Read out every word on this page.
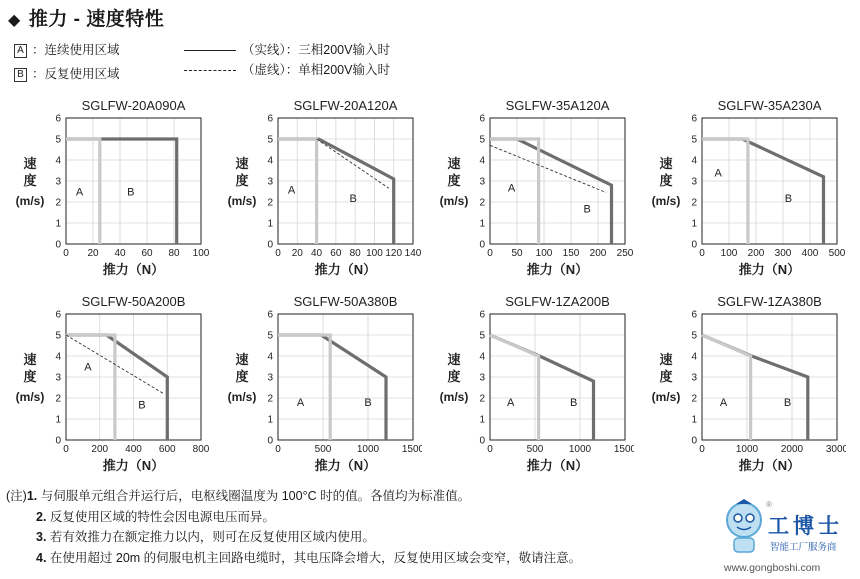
◆ 推力 - 速度特性
A ：连续使用区域
B ：反复使用区域
（实线）：三相200V输入时
（虚线）：单相200V输入时
SGLFW-20A090A
0 20 40 60 80 100
0
1
2
3
4
5
6
推力（N）
速
度
(m/s)
A	B
SGLFW-20A120A
0 20 40 60 80 100 120 140
0
1
2
3
4
5
6
推力（N）
速
度
(m/s)
A
B
SGLFW-35A120A
0 50 100 150 200 250
0
1
2
3
4
5
6
推力（N）
速
度
(m/s)
A
B
SGLFW-35A230A
0 100 200 300 400 500
0
1
2
3
4
5
6
推力（N）
速
度
(m/s)
A
B
SGLFW-50A200B
0 200 400 600 800
0
1
2
3
4
5
6
推力（N）
速
度
(m/s)
A
B
SGLFW-50A380B
0	500	1000 1500
0
1
2
3
4
5
6
推力（N）
速
度
(m/s)	A	B
SGLFW-1ZA200B
0	500	1000 1500
0
1
2
3
4
5
6
推力（N）
速
度
(m/s)	A	B
SGLFW-1ZA380B
0	1000 2000 3000
0
1
2
3
4
5
6
推力（N）
速
度
(m/s)	A	B
(注)1. 与伺服单元组合并运行后，电枢线圈温度为 100°C 时的值。各值均为标准值。
2. 反复使用区域的特性会因电源电压而异。
3. 若有效推力在额定推力以内，则可在反复使用区域内使用。
4. 在使用超过 20m 的伺服电机主回路电缆时，其电压降会增大，反复使用区域会变窄，敬请注意。
®
工博士
智能工厂服务商
www.gongboshi.com
